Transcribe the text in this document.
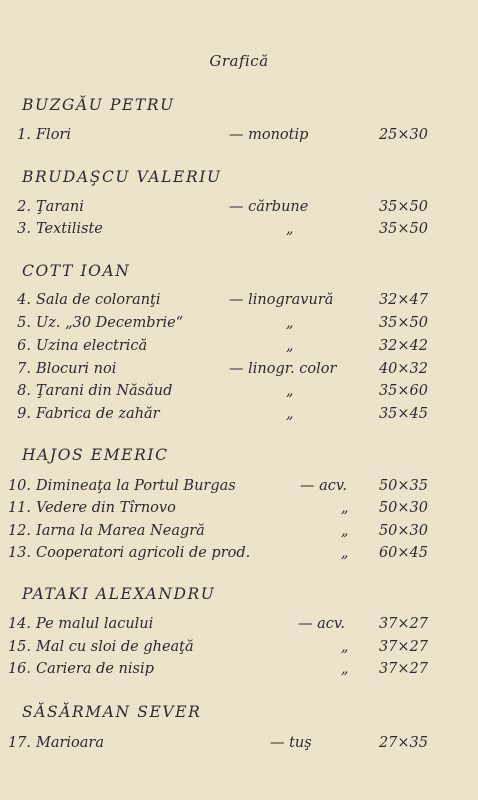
Grafică
BUZGĂU PETRU
1. Flori	— monotip	25×30
BRUDAŞCU VALERIU
2. Ţarani	— cărbune	35×50
3. Textiliste	„	35×50
COTT IOAN
4. Sala de coloranţi	— linogravură	32×47
5. Uz. „30 Decembrie“	„	35×50
6. Uzina electrică	„	32×42
7. Blocuri noi	— linogr. color	40×32
8. Ţarani din Năsăud	„	35×60
9. Fabrica de zahăr	„	35×45
HAJOS EMERIC
10. Dimineaţa la Portul Burgas	— acv. 50×35
11. Vedere din Tîrnovo	„ 50×30
12. Iarna la Marea Neagră	„ 50×30
13. Cooperatori agricoli de prod.	„ 60×45
PATAKI ALEXANDRU
14. Pe malul lacului	— acv. 37×27
15. Mal cu sloi de gheaţă	„ 37×27
16. Cariera de nisip	„ 37×27
SĂSĂRMAN SEVER
17. Marioara	— tuş	27×35
